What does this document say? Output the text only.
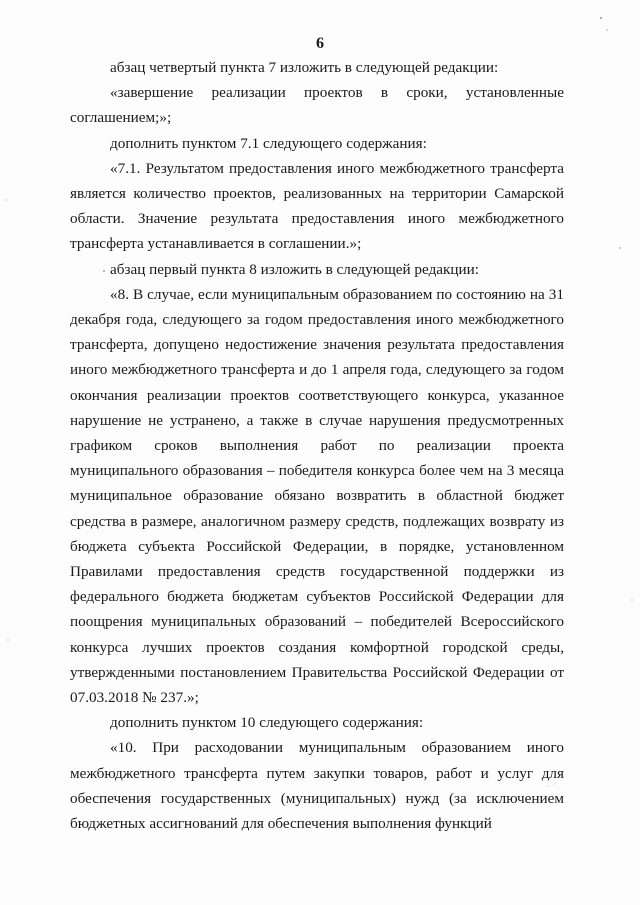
6

абзац четвертый пункта 7 изложить в следующей редакции:

«завершение реализации проектов в сроки, установленные соглашением;»;

дополнить пунктом 7.1 следующего содержания:

«7.1. Результатом предоставления иного межбюджетного трансферта является количество проектов, реализованных на территории Самарской области. Значение результата предоставления иного межбюджетного трансферта устанавливается в соглашении.»;

абзац первый пункта 8 изложить в следующей редакции:

«8. В случае, если муниципальным образованием по состоянию на 31 декабря года, следующего за годом предоставления иного межбюджетного трансферта, допущено недостижение значения результата предоставления иного межбюджетного трансферта и до 1 апреля года, следующего за годом окончания реализации проектов соответствующего конкурса, указанное нарушение не устранено, а также в случае нарушения предусмотренных графиком сроков выполнения работ по реализации проекта муниципального образования – победителя конкурса более чем на 3 месяца муниципальное образование обязано возвратить в областной бюджет средства в размере, аналогичном размеру средств, подлежащих возврату из бюджета субъекта Российской Федерации, в порядке, установленном Правилами предоставления средств государственной поддержки из федерального бюджета бюджетам субъектов Российской Федерации для поощрения муниципальных образований – победителей Всероссийского конкурса лучших проектов создания комфортной городской среды, утвержденными постановлением Правительства Российской Федерации от 07.03.2018 № 237.»;

дополнить пунктом 10 следующего содержания:

«10. При расходовании муниципальным образованием иного межбюджетного трансферта путем закупки товаров, работ и услуг для обеспечения государственных (муниципальных) нужд (за исключением бюджетных ассигнований для обеспечения выполнения функций
